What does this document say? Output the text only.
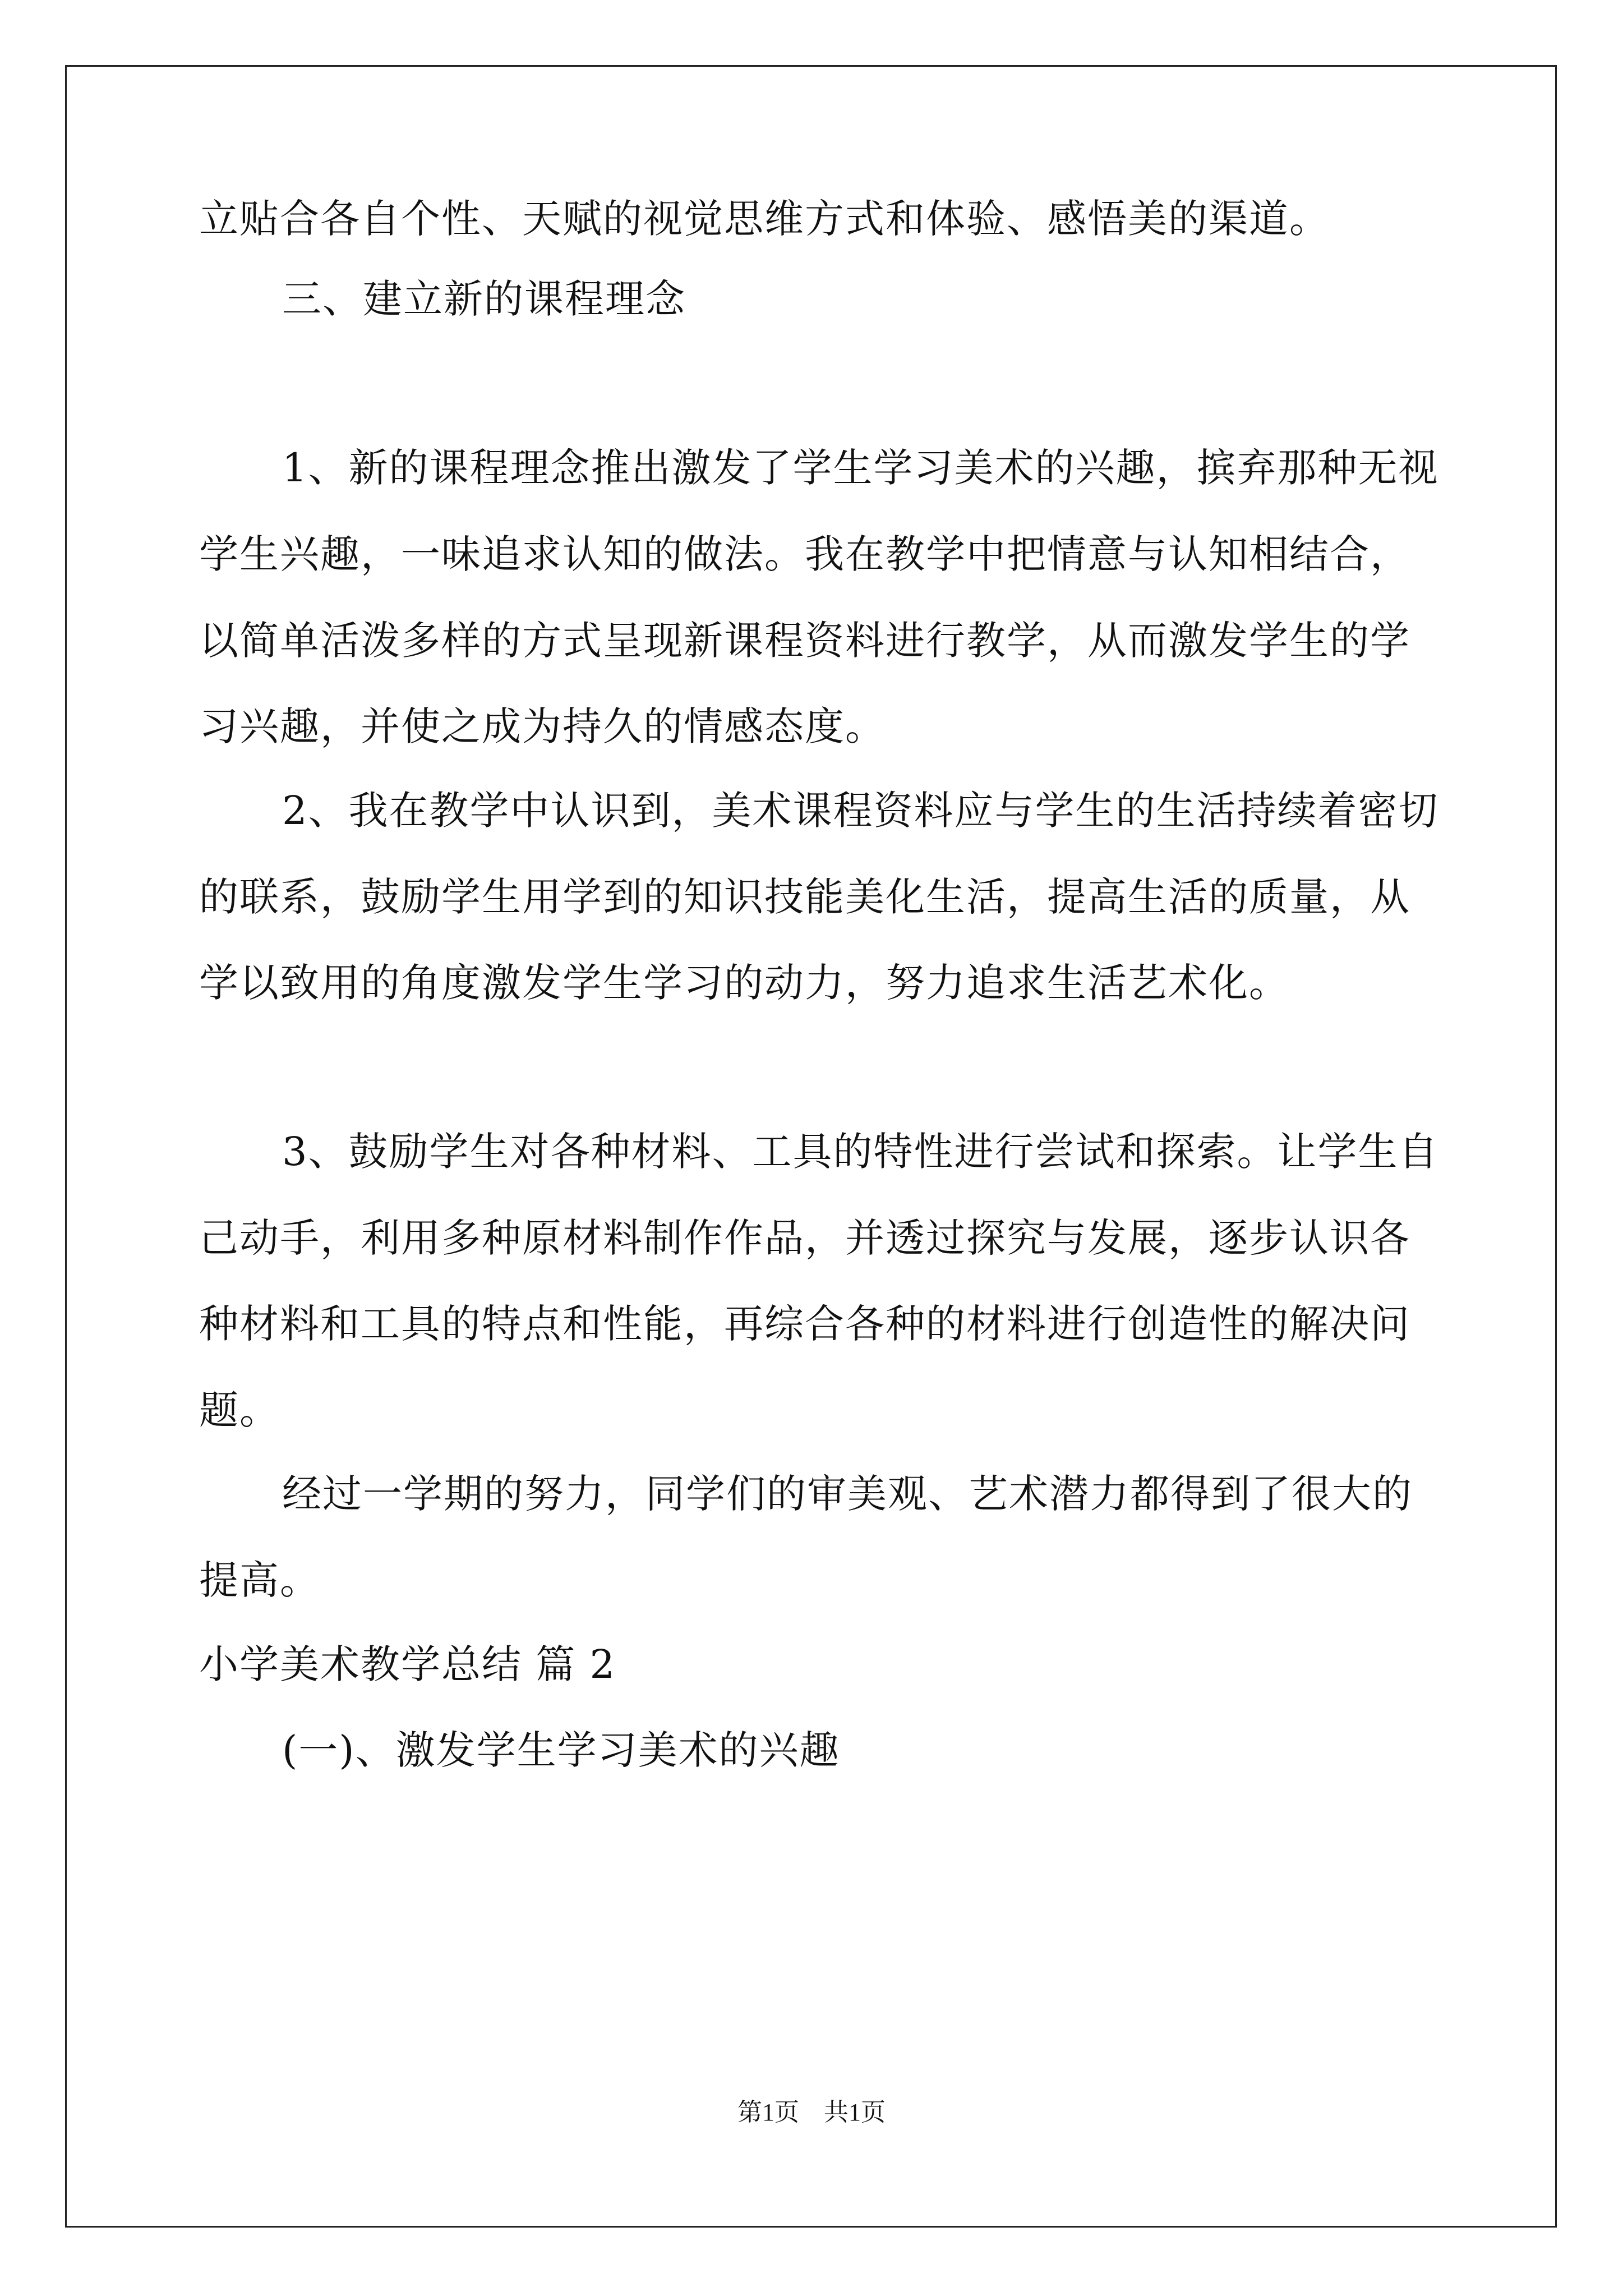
立贴合各自个性、天赋的视觉思维方式和体验、感悟美的渠道。
三、建立新的课程理念
1、新的课程理念推出激发了学生学习美术的兴趣，摈弃那种无视
学生兴趣，一味追求认知的做法。我在教学中把情意与认知相结合，
以简单活泼多样的方式呈现新课程资料进行教学，从而激发学生的学
习兴趣，并使之成为持久的情感态度。
2、我在教学中认识到，美术课程资料应与学生的生活持续着密切
的联系，鼓励学生用学到的知识技能美化生活，提高生活的质量，从
学以致用的角度激发学生学习的动力，努力追求生活艺术化。
3、鼓励学生对各种材料、工具的特性进行尝试和探索。让学生自
己动手，利用多种原材料制作作品，并透过探究与发展，逐步认识各
种材料和工具的特点和性能，再综合各种的材料进行创造性的解决问
题。
经过一学期的努力，同学们的审美观、艺术潜力都得到了很大的
提高。
小学美术教学总结 篇 2
(一)、激发学生学习美术的兴趣
第1页　共1页
